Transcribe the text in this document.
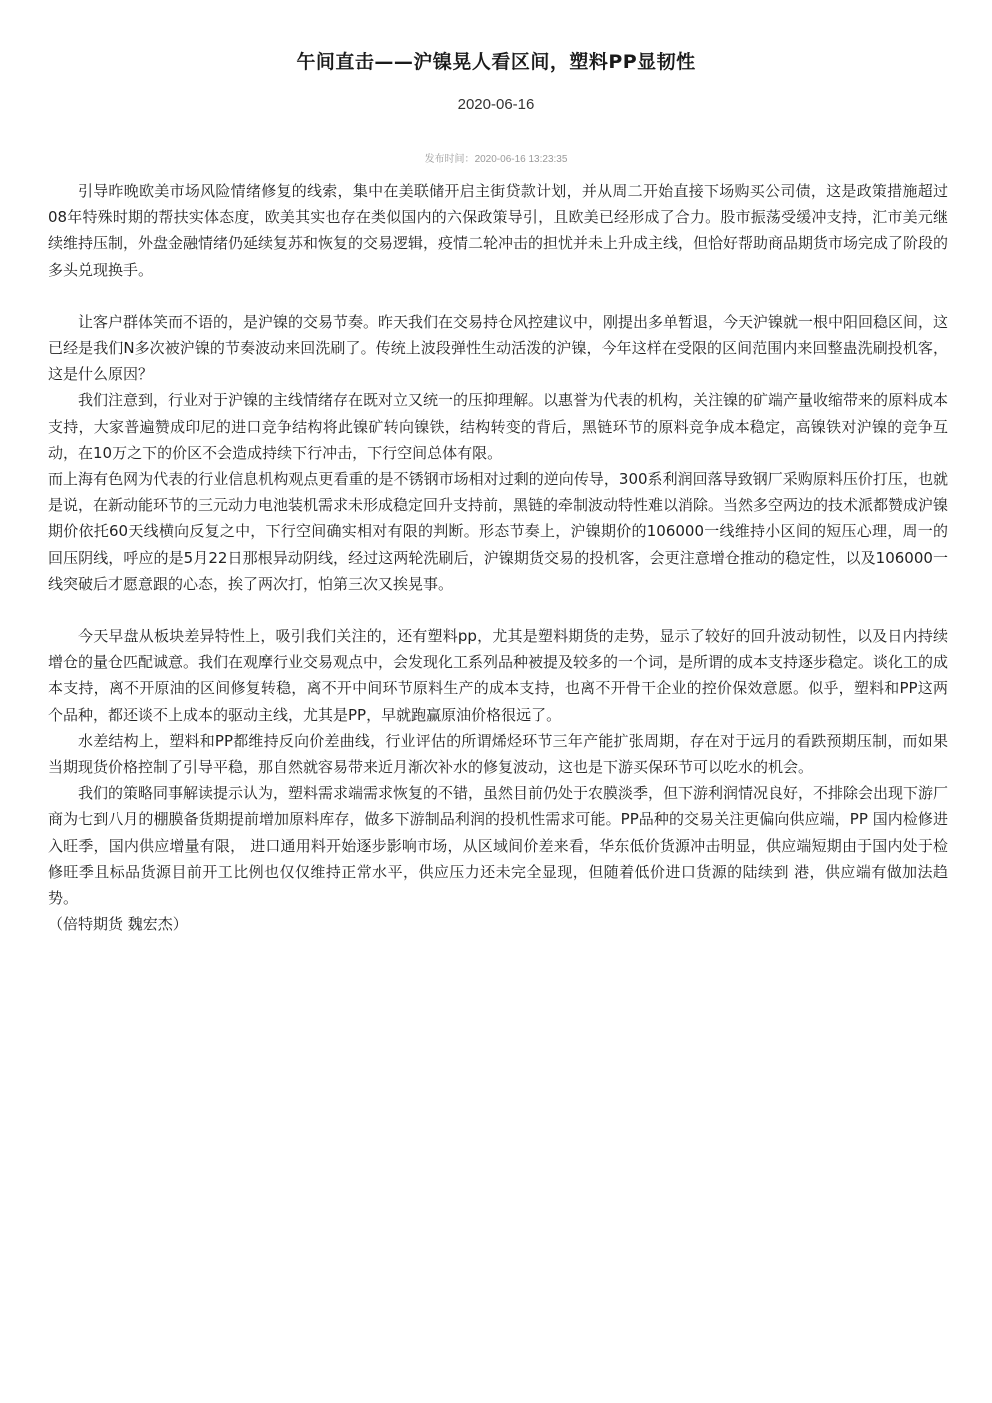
午间直击——沪镍晃人看区间，塑料PP显韧性
2020-06-16
发布时间：2020-06-16 13:23:35

引导昨晚欧美市场风险情绪修复的线索，集中在美联储开启主街贷款计划，并从周二开始直接下场购买公司债，这是政策措施超过08年特殊时期的帮扶实体态度，欧美其实也存在类似国内的六保政策导引，且欧美已经形成了合力。股市振荡受缓冲支持，汇市美元继续维持压制，外盘金融情绪仍延续复苏和恢复的交易逻辑，疫情二轮冲击的担忧并未上升成主线，但恰好帮助商品期货市场完成了阶段的多头兑现换手。

让客户群体笑而不语的，是沪镍的交易节奏。昨天我们在交易持仓风控建议中，刚提出多单暂退，今天沪镍就一根中阳回稳区间，这已经是我们N多次被沪镍的节奏波动来回洗刷了。传统上波段弹性生动活泼的沪镍，今年这样在受限的区间范围内来回整蛊洗刷投机客，这是什么原因？

我们注意到，行业对于沪镍的主线情绪存在既对立又统一的压抑理解。以惠誉为代表的机构，关注镍的矿端产量收缩带来的原料成本支持，大家普遍赞成印尼的进口竞争结构将此镍矿转向镍铁，结构转变的背后，黑链环节的原料竞争成本稳定，高镍铁对沪镍的竞争互动，在10万之下的价区不会造成持续下行冲击，下行空间总体有限。

而上海有色网为代表的行业信息机构观点更看重的是不锈钢市场相对过剩的逆向传导，300系利润回落导致钢厂采购原料压价打压，也就是说，在新动能环节的三元动力电池装机需求未形成稳定回升支持前，黑链的牵制波动特性难以消除。当然多空两边的技术派都赞成沪镍期价依托60天线横向反复之中，下行空间确实相对有限的判断。形态节奏上，沪镍期价的106000一线维持小区间的短压心理，周一的回压阴线，呼应的是5月22日那根异动阴线，经过这两轮洗刷后，沪镍期货交易的投机客，会更注意增仓推动的稳定性，以及106000一线突破后才愿意跟的心态，挨了两次打，怕第三次又挨晃事。

今天早盘从板块差异特性上，吸引我们关注的，还有塑料pp，尤其是塑料期货的走势，显示了较好的回升波动韧性，以及日内持续增仓的量仓匹配诚意。我们在观摩行业交易观点中，会发现化工系列品种被提及较多的一个词，是所谓的成本支持逐步稳定。谈化工的成本支持，离不开原油的区间修复转稳，离不开中间环节原料生产的成本支持，也离不开骨干企业的控价保效意愿。似乎，塑料和PP这两个品种，都还谈不上成本的驱动主线，尤其是PP，早就跑赢原油价格很远了。

水差结构上，塑料和PP都维持反向价差曲线，行业评估的所谓烯烃环节三年产能扩张周期，存在对于远月的看跌预期压制，而如果当期现货价格控制了引导平稳，那自然就容易带来近月渐次补水的修复波动，这也是下游买保环节可以吃水的机会。

我们的策略同事解读提示认为，塑料需求端需求恢复的不错，虽然目前仍处于农膜淡季，但下游利润情况良好，不排除会出现下游厂商为七到八月的棚膜备货期提前增加原料库存，做多下游制品利润的投机性需求可能。PP品种的交易关注更偏向供应端，PP 国内检修进入旺季，国内供应增量有限， 进口通用料开始逐步影响市场，从区域间价差来看，华东低价货源冲击明显，供应端短期由于国内处于检修旺季且标品货源目前开工比例也仅仅维持正常水平，供应压力还未完全显现，但随着低价进口货源的陆续到 港，供应端有做加法趋势。

（倍特期货 魏宏杰）
